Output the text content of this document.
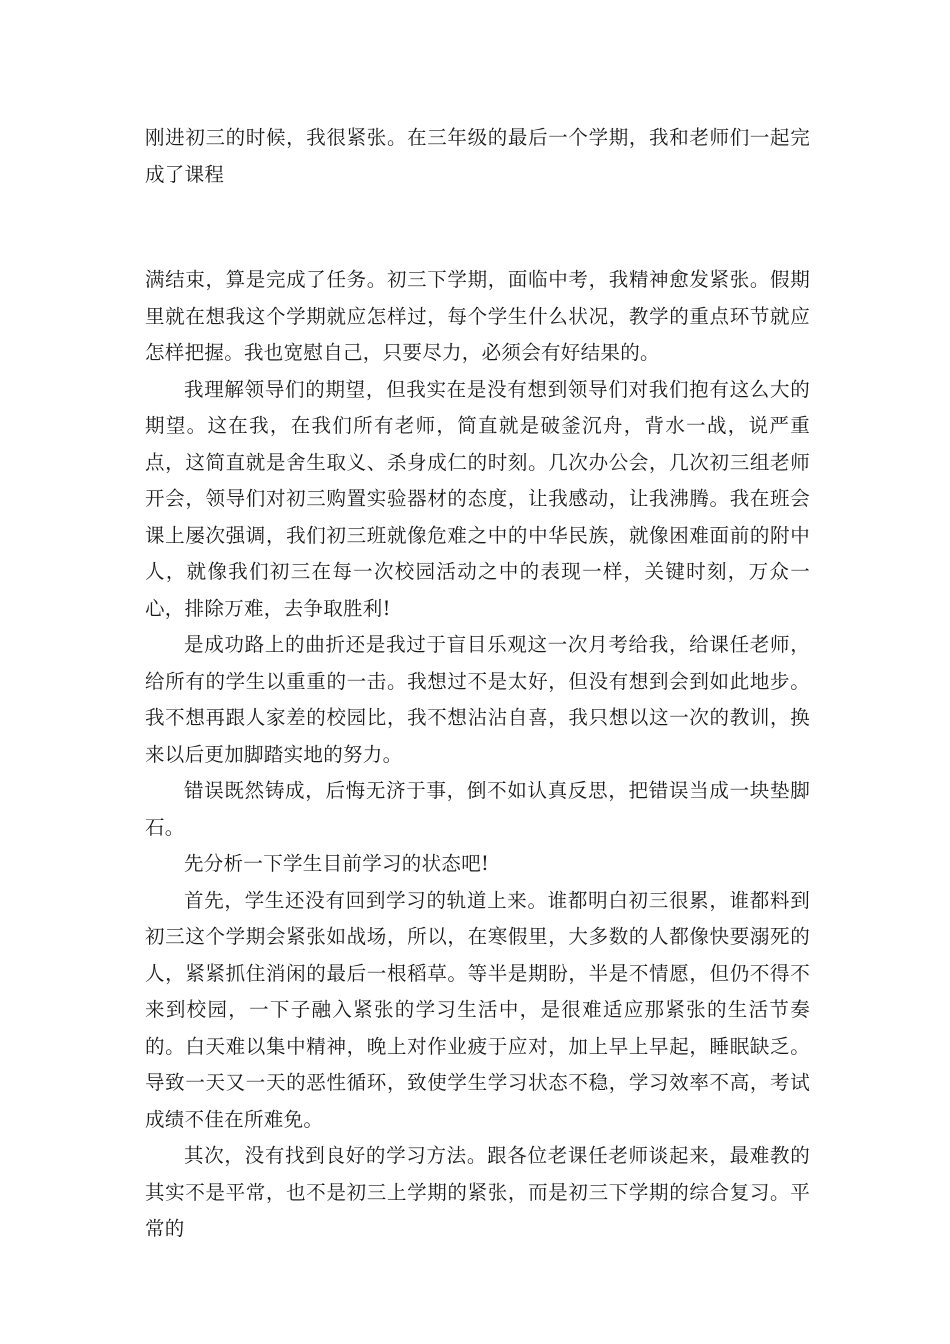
刚进初三的时候，我很紧张。在三年级的最后一个学期，我和老师们一起完成了课程

满结束，算是完成了任务。初三下学期，面临中考，我精神愈发紧张。假期里就在想我这个学期就应怎样过，每个学生什么状况，教学的重点环节就应怎样把握。我也宽慰自己，只要尽力，必须会有好结果的。

我理解领导们的期望，但我实在是没有想到领导们对我们抱有这么大的期望。这在我，在我们所有老师，简直就是破釜沉舟，背水一战，说严重点，这简直就是舍生取义、杀身成仁的时刻。几次办公会，几次初三组老师开会，领导们对初三购置实验器材的态度，让我感动，让我沸腾。我在班会课上屡次强调，我们初三班就像危难之中的中华民族，就像困难面前的附中人，就像我们初三在每一次校园活动之中的表现一样，关键时刻，万众一心，排除万难，去争取胜利!

是成功路上的曲折还是我过于盲目乐观这一次月考给我，给课任老师，给所有的学生以重重的一击。我想过不是太好，但没有想到会到如此地步。我不想再跟人家差的校园比，我不想沾沾自喜，我只想以这一次的教训，换来以后更加脚踏实地的努力。

错误既然铸成，后悔无济于事，倒不如认真反思，把错误当成一块垫脚石。

先分析一下学生目前学习的状态吧!

首先，学生还没有回到学习的轨道上来。谁都明白初三很累，谁都料到初三这个学期会紧张如战场，所以，在寒假里，大多数的人都像快要溺死的人，紧紧抓住消闲的最后一根稻草。等半是期盼，半是不情愿，但仍不得不来到校园，一下子融入紧张的学习生活中，是很难适应那紧张的生活节奏的。白天难以集中精神，晚上对作业疲于应对，加上早上早起，睡眠缺乏。导致一天又一天的恶性循环，致使学生学习状态不稳，学习效率不高，考试成绩不佳在所难免。

其次，没有找到良好的学习方法。跟各位老课任老师谈起来，最难教的其实不是平常，也不是初三上学期的紧张，而是初三下学期的综合复习。平常的
